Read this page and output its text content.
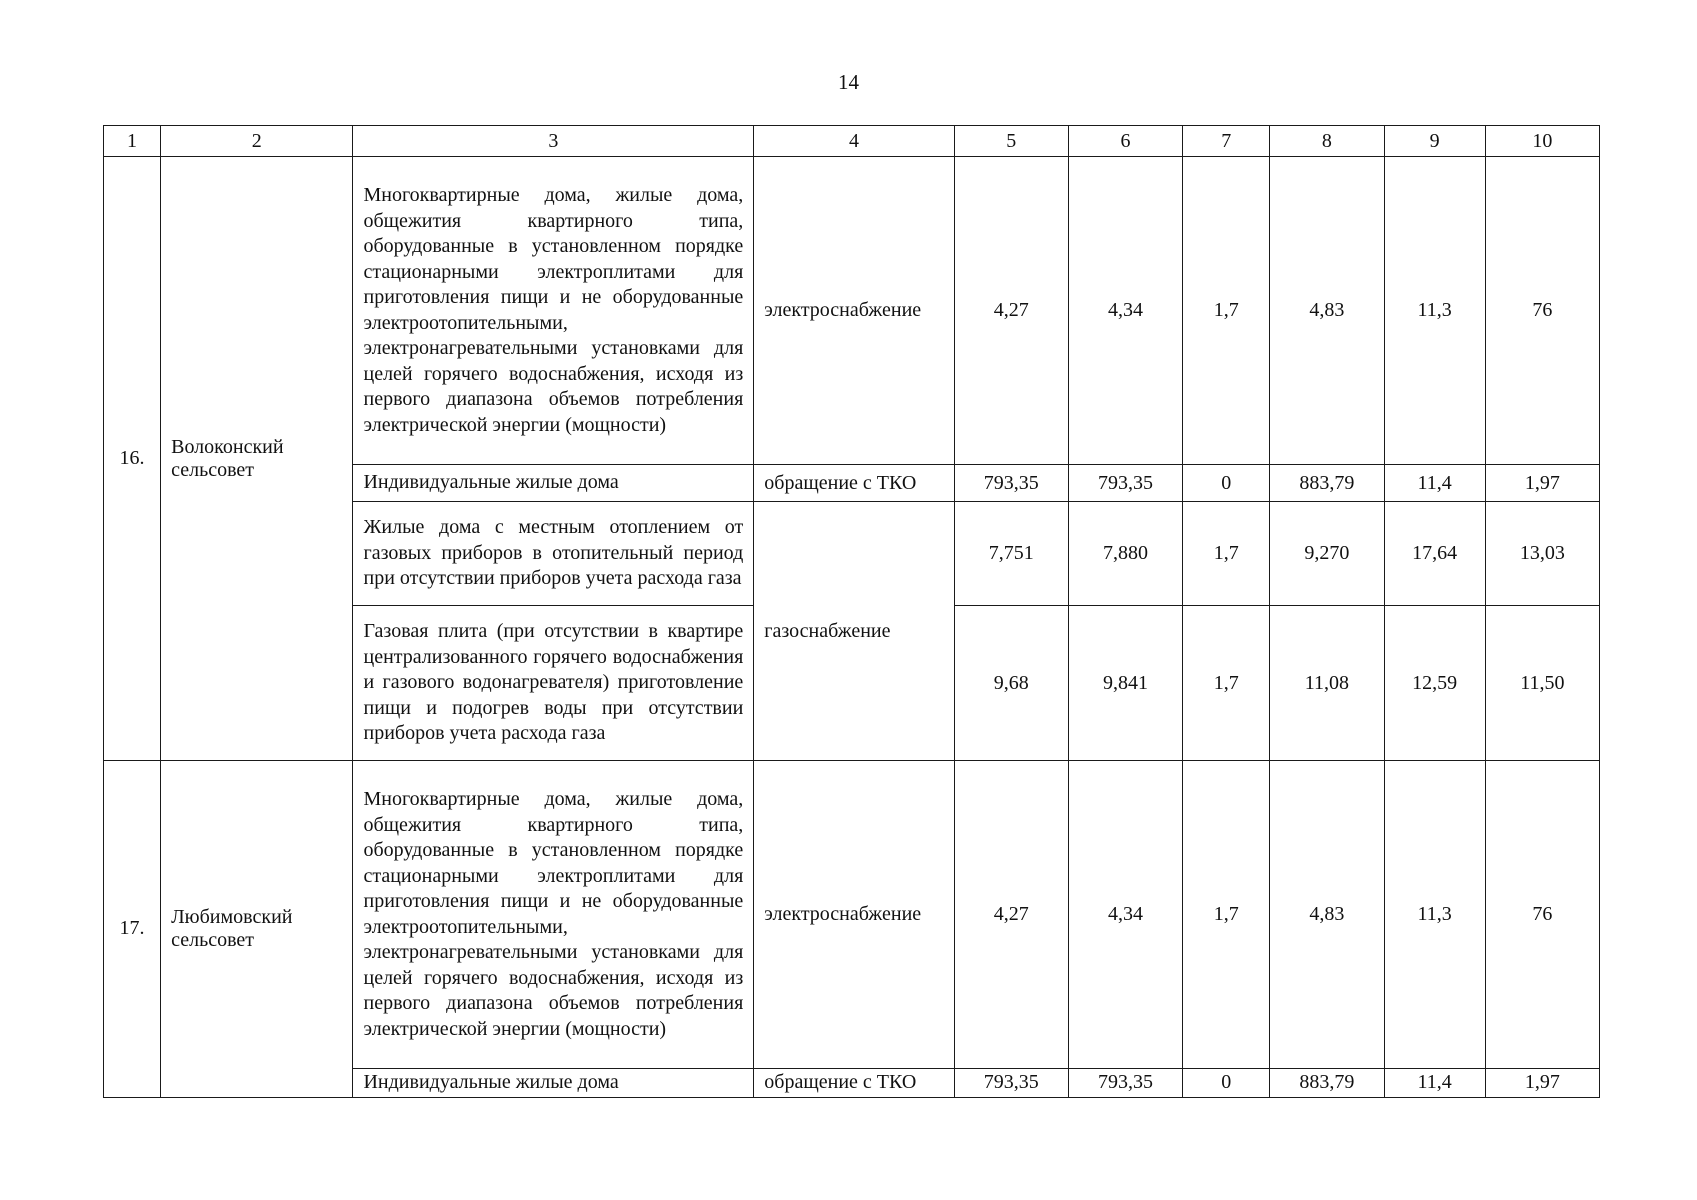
14
1	2	3	4	5	6	7	8	9	10
16.	Волоконский сельсовет	Многоквартирные дома, жилые дома, общежития квартирного типа, оборудованные в установленном порядке стационарными электроплитами для приготовления пищи и не оборудованные электроотопительными, электронагревательными установками для целей горячего водоснабжения, исходя из первого диапазона объемов потребления электрической энергии (мощности)	электроснабжение	4,27	4,34	1,7	4,83	11,3	76
		Индивидуальные жилые дома	обращение с ТКО	793,35	793,35	0	883,79	11,4	1,97
		Жилые дома с местным отоплением от газовых приборов в отопительный период при отсутствии приборов учета расхода газа	газоснабжение	7,751	7,880	1,7	9,270	17,64	13,03
		Газовая плита (при отсутствии в квартире централизованного горячего водоснабжения и газового водонагревателя) приготовление пищи и подогрев воды при отсутствии приборов учета расхода газа		9,68	9,841	1,7	11,08	12,59	11,50
17.	Любимовский сельсовет	Многоквартирные дома, жилые дома, общежития квартирного типа, оборудованные в установленном порядке стационарными электроплитами для приготовления пищи и не оборудованные электроотопительными, электронагревательными установками для целей горячего водоснабжения, исходя из первого диапазона объемов потребления электрической энергии (мощности)	электроснабжение	4,27	4,34	1,7	4,83	11,3	76
		Индивидуальные жилые дома	обращение с ТКО	793,35	793,35	0	883,79	11,4	1,97
